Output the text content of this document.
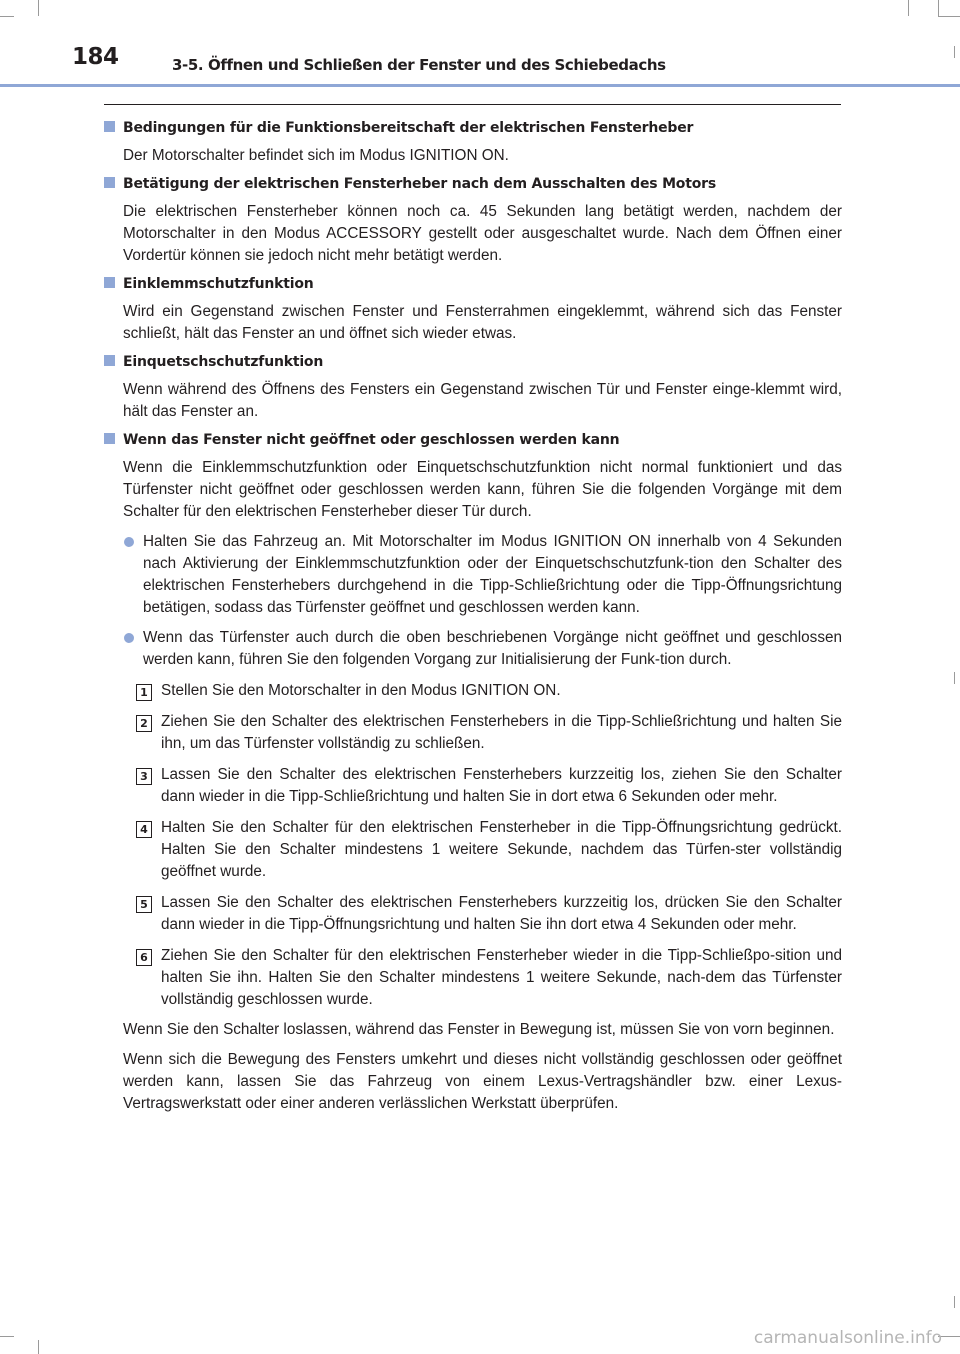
184	3-5. Öffnen und Schließen der Fenster und des Schiebedachs
Bedingungen für die Funktionsbereitschaft der elektrischen Fensterheber
Der Motorschalter befindet sich im Modus IGNITION ON.
Betätigung der elektrischen Fensterheber nach dem Ausschalten des Motors
Die elektrischen Fensterheber können noch ca. 45 Sekunden lang betätigt werden, nachdem der Motorschalter in den Modus ACCESSORY gestellt oder ausgeschaltet wurde. Nach dem Öffnen einer Vordertür können sie jedoch nicht mehr betätigt werden.
Einklemmschutzfunktion
Wird ein Gegenstand zwischen Fenster und Fensterrahmen eingeklemmt, während sich das Fenster schließt, hält das Fenster an und öffnet sich wieder etwas.
Einquetschschutzfunktion
Wenn während des Öffnens des Fensters ein Gegenstand zwischen Tür und Fenster einge-klemmt wird, hält das Fenster an.
Wenn das Fenster nicht geöffnet oder geschlossen werden kann
Wenn die Einklemmschutzfunktion oder Einquetschschutzfunktion nicht normal funktioniert und das Türfenster nicht geöffnet oder geschlossen werden kann, führen Sie die folgenden Vorgänge mit dem Schalter für den elektrischen Fensterheber dieser Tür durch.
Halten Sie das Fahrzeug an. Mit Motorschalter im Modus IGNITION ON innerhalb von 4 Sekunden nach Aktivierung der Einklemmschutzfunktion oder der Einquetschschutzfunk-tion den Schalter des elektrischen Fensterhebers durchgehend in die Tipp-Schließrichtung oder die Tipp-Öffnungsrichtung betätigen, sodass das Türfenster geöffnet und geschlossen werden kann.
Wenn das Türfenster auch durch die oben beschriebenen Vorgänge nicht geöffnet und geschlossen werden kann, führen Sie den folgenden Vorgang zur Initialisierung der Funk-tion durch.
1 Stellen Sie den Motorschalter in den Modus IGNITION ON.
2 Ziehen Sie den Schalter des elektrischen Fensterhebers in die Tipp-Schließrichtung und halten Sie ihn, um das Türfenster vollständig zu schließen.
3 Lassen Sie den Schalter des elektrischen Fensterhebers kurzzeitig los, ziehen Sie den Schalter dann wieder in die Tipp-Schließrichtung und halten Sie in dort etwa 6 Sekunden oder mehr.
4 Halten Sie den Schalter für den elektrischen Fensterheber in die Tipp-Öffnungsrichtung gedrückt. Halten Sie den Schalter mindestens 1 weitere Sekunde, nachdem das Türfen-ster vollständig geöffnet wurde.
5 Lassen Sie den Schalter des elektrischen Fensterhebers kurzzeitig los, drücken Sie den Schalter dann wieder in die Tipp-Öffnungsrichtung und halten Sie ihn dort etwa 4 Sekunden oder mehr.
6 Ziehen Sie den Schalter für den elektrischen Fensterheber wieder in die Tipp-Schließpo-sition und halten Sie ihn. Halten Sie den Schalter mindestens 1 weitere Sekunde, nach-dem das Türfenster vollständig geschlossen wurde.
Wenn Sie den Schalter loslassen, während das Fenster in Bewegung ist, müssen Sie von vorn beginnen.
Wenn sich die Bewegung des Fensters umkehrt und dieses nicht vollständig geschlossen oder geöffnet werden kann, lassen Sie das Fahrzeug von einem Lexus-Vertragshändler bzw. einer Lexus-Vertragswerkstatt oder einer anderen verlässlichen Werkstatt überprüfen.
carmanualsonline.info
